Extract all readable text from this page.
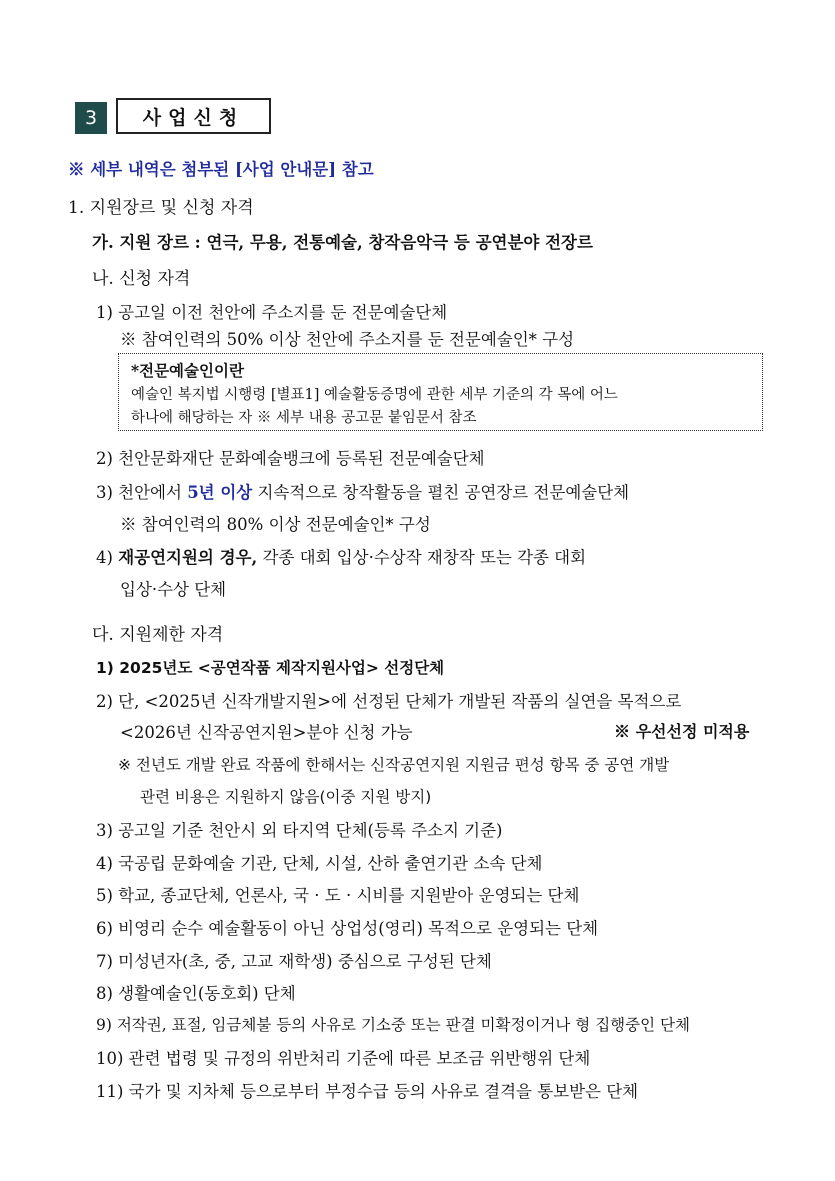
3	사업신청
※ 세부 내역은 첨부된 [사업 안내문] 참고
1. 지원장르 및 신청 자격
가. 지원 장르 : 연극, 무용, 전통예술, 창작음악극 등 공연분야 전장르
나. 신청 자격
1) 공고일 이전 천안에 주소지를 둔 전문예술단체
※ 참여인력의 50% 이상 천안에 주소지를 둔 전문예술인* 구성
*전문예술인이란
예술인 복지법 시행령 [별표1] 예술활동증명에 관한 세부 기준의 각 목에 어느
하나에 해당하는 자 ※ 세부 내용 공고문 붙임문서 참조
2) 천안문화재단 문화예술뱅크에 등록된 전문예술단체
3) 천안에서 5년 이상 지속적으로 창작활동을 펼친 공연장르 전문예술단체
※ 참여인력의 80% 이상 전문예술인* 구성
4) 재공연지원의 경우, 각종 대회 입상·수상작 재창작 또는 각종 대회
입상·수상 단체
다. 지원제한 자격
1) 2025년도 <공연작품 제작지원사업> 선정단체
2) 단, <2025년 신작개발지원>에 선정된 단체가 개발된 작품의 실연을 목적으로
<2026년 신작공연지원>분야 신청 가능	※ 우선선정 미적용
※ 전년도 개발 완료 작품에 한해서는 신작공연지원 지원금 편성 항목 중 공연 개발
관련 비용은 지원하지 않음(이중 지원 방지)
3) 공고일 기준 천안시 외 타지역 단체(등록 주소지 기준)
4) 국공립 문화예술 기관, 단체, 시설, 산하 출연기관 소속 단체
5) 학교, 종교단체, 언론사, 국 · 도 · 시비를 지원받아 운영되는 단체
6) 비영리 순수 예술활동이 아닌 상업성(영리) 목적으로 운영되는 단체
7) 미성년자(초, 중, 고교 재학생) 중심으로 구성된 단체
8) 생활예술인(동호회) 단체
9) 저작권, 표절, 임금체불 등의 사유로 기소중 또는 판결 미확정이거나 형 집행중인 단체
10) 관련 법령 및 규정의 위반처리 기준에 따른 보조금 위반행위 단체
11) 국가 및 지차체 등으로부터 부정수급 등의 사유로 결격을 통보받은 단체
